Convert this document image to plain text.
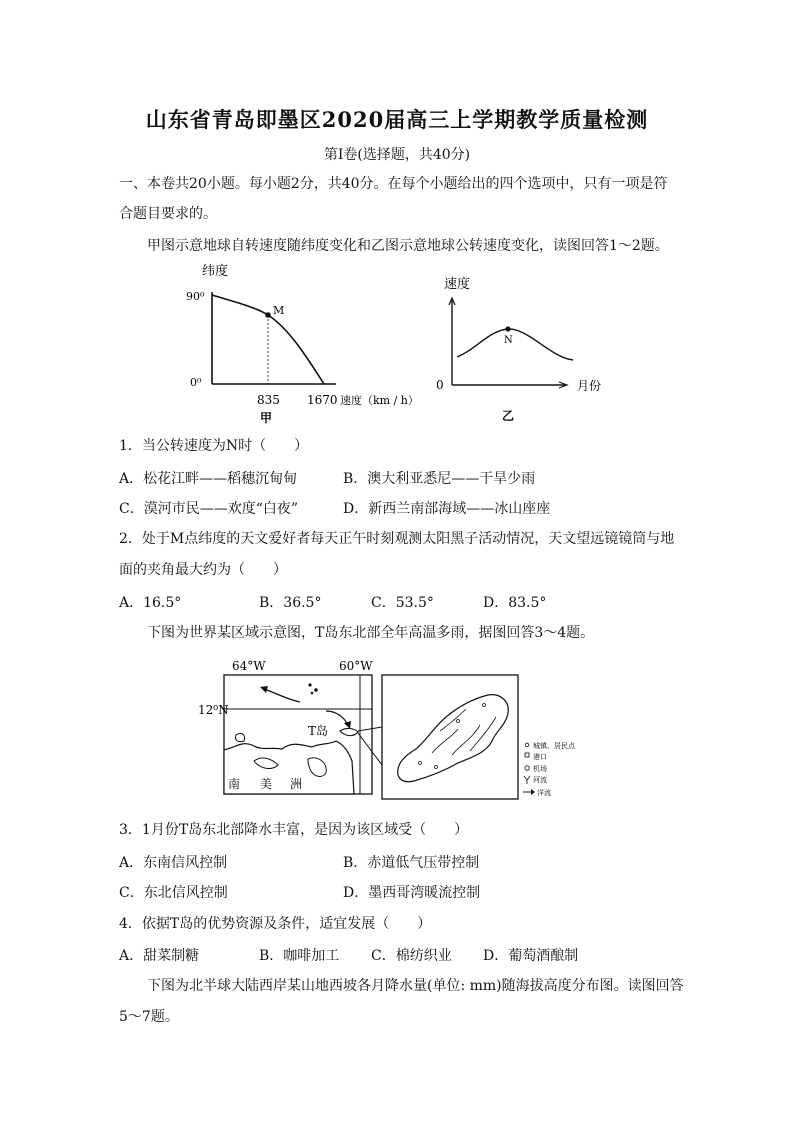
山东省青岛即墨区2020届高三上学期教学质量检测
第Ⅰ卷(选择题，共40分)
一、本卷共20小题。每小题2分，共40分。在每个小题给出的四个选项中，只有一项是符
合题目要求的。
甲图示意地球自转速度随纬度变化和乙图示意地球公转速度变化，读图回答1～2题。
纬度
90⁰
0⁰
M
835 1670 速度（km / h）
甲
速度
0
N
月份
乙
1．当公转速度为N时（　　）
A．松花江畔——稻穗沉甸甸	B．澳大利亚悉尼——干旱少雨
C．漠河市民——欢度“白夜”	D．新西兰南部海域——冰山座座
2．处于M点纬度的天文爱好者每天正午时刻观测太阳黑子活动情况，天文望远镜镜筒与地
面的夹角最大约为（　　）
A．16.5°	B．36.5°	C．53.5°	D．83.5°
下图为世界某区域示意图，T岛东北部全年高温多雨，据图回答3～4题。
64°W	60°W
12⁰N
T岛
南 美 洲
城镇、居民点
港口
机场
河流
洋流
3．1月份T岛东北部降水丰富，是因为该区域受（　　）
A．东南信风控制	B．赤道低气压带控制
C．东北信风控制	D．墨西哥湾暖流控制
4．依据T岛的优势资源及条件，适宜发展（　　）
A．甜菜制糖	B．咖啡加工 C．棉纺织业 D．葡萄酒酿制
下图为北半球大陆西岸某山地西坡各月降水量(单位: mm)随海拔高度分布图。读图回答
5～7题。
